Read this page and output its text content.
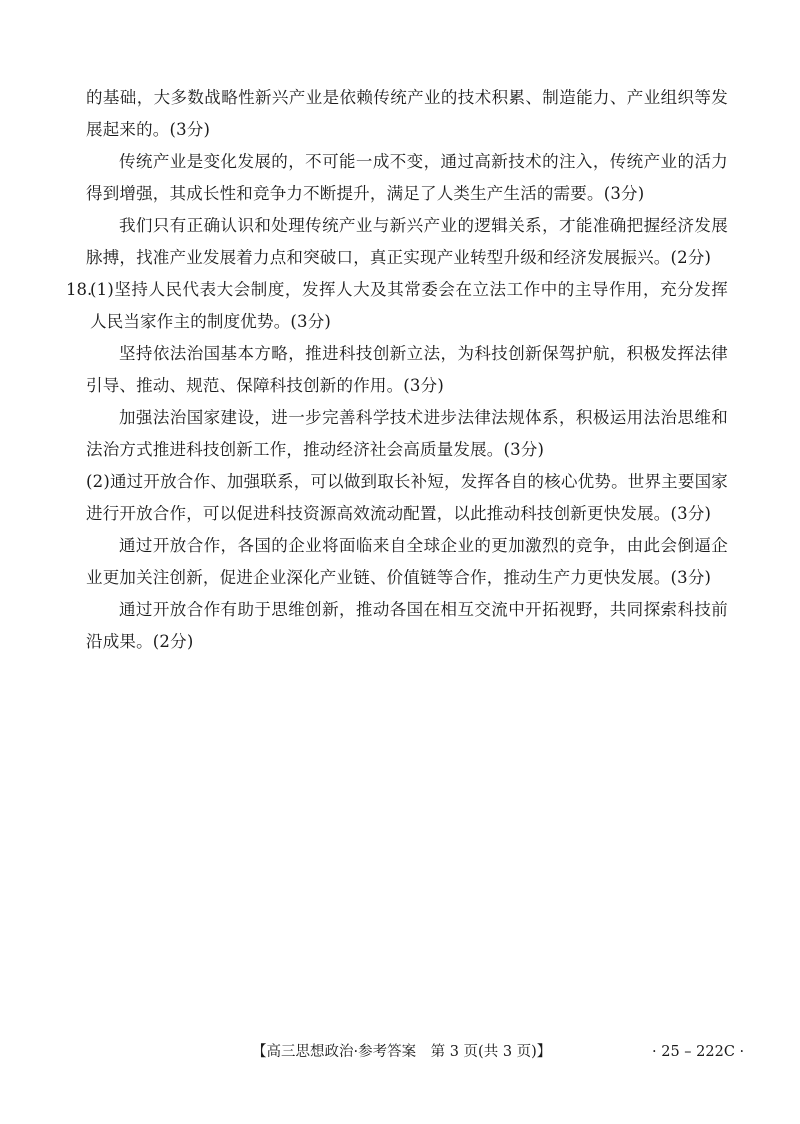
的基础，大多数战略性新兴产业是依赖传统产业的技术积累、制造能力、产业组织等发展起来的。(3分)

传统产业是变化发展的，不可能一成不变，通过高新技术的注入，传统产业的活力得到增强，其成长性和竞争力不断提升，满足了人类生产生活的需要。(3分)

我们只有正确认识和处理传统产业与新兴产业的逻辑关系，才能准确把握经济发展脉搏，找准产业发展着力点和突破口，真正实现产业转型升级和经济发展振兴。(2分)

18.

(1)坚持人民代表大会制度，发挥人大及其常委会在立法工作中的主导作用，充分发挥人民当家作主的制度优势。(3分)

坚持依法治国基本方略，推进科技创新立法，为科技创新保驾护航，积极发挥法律引导、推动、规范、保障科技创新的作用。(3分)

加强法治国家建设，进一步完善科学技术进步法律法规体系，积极运用法治思维和法治方式推进科技创新工作，推动经济社会高质量发展。(3分)

(2)通过开放合作、加强联系，可以做到取长补短，发挥各自的核心优势。世界主要国家进行开放合作，可以促进科技资源高效流动配置，以此推动科技创新更快发展。(3分)

通过开放合作，各国的企业将面临来自全球企业的更加激烈的竞争，由此会倒逼企业更加关注创新，促进企业深化产业链、价值链等合作，推动生产力更快发展。(3分)

通过开放合作有助于思维创新，推动各国在相互交流中开拓视野，共同探索科技前沿成果。(2分)

【高三思想政治·参考答案　第 3 页(共 3 页)】	· 25 – 222C ·
